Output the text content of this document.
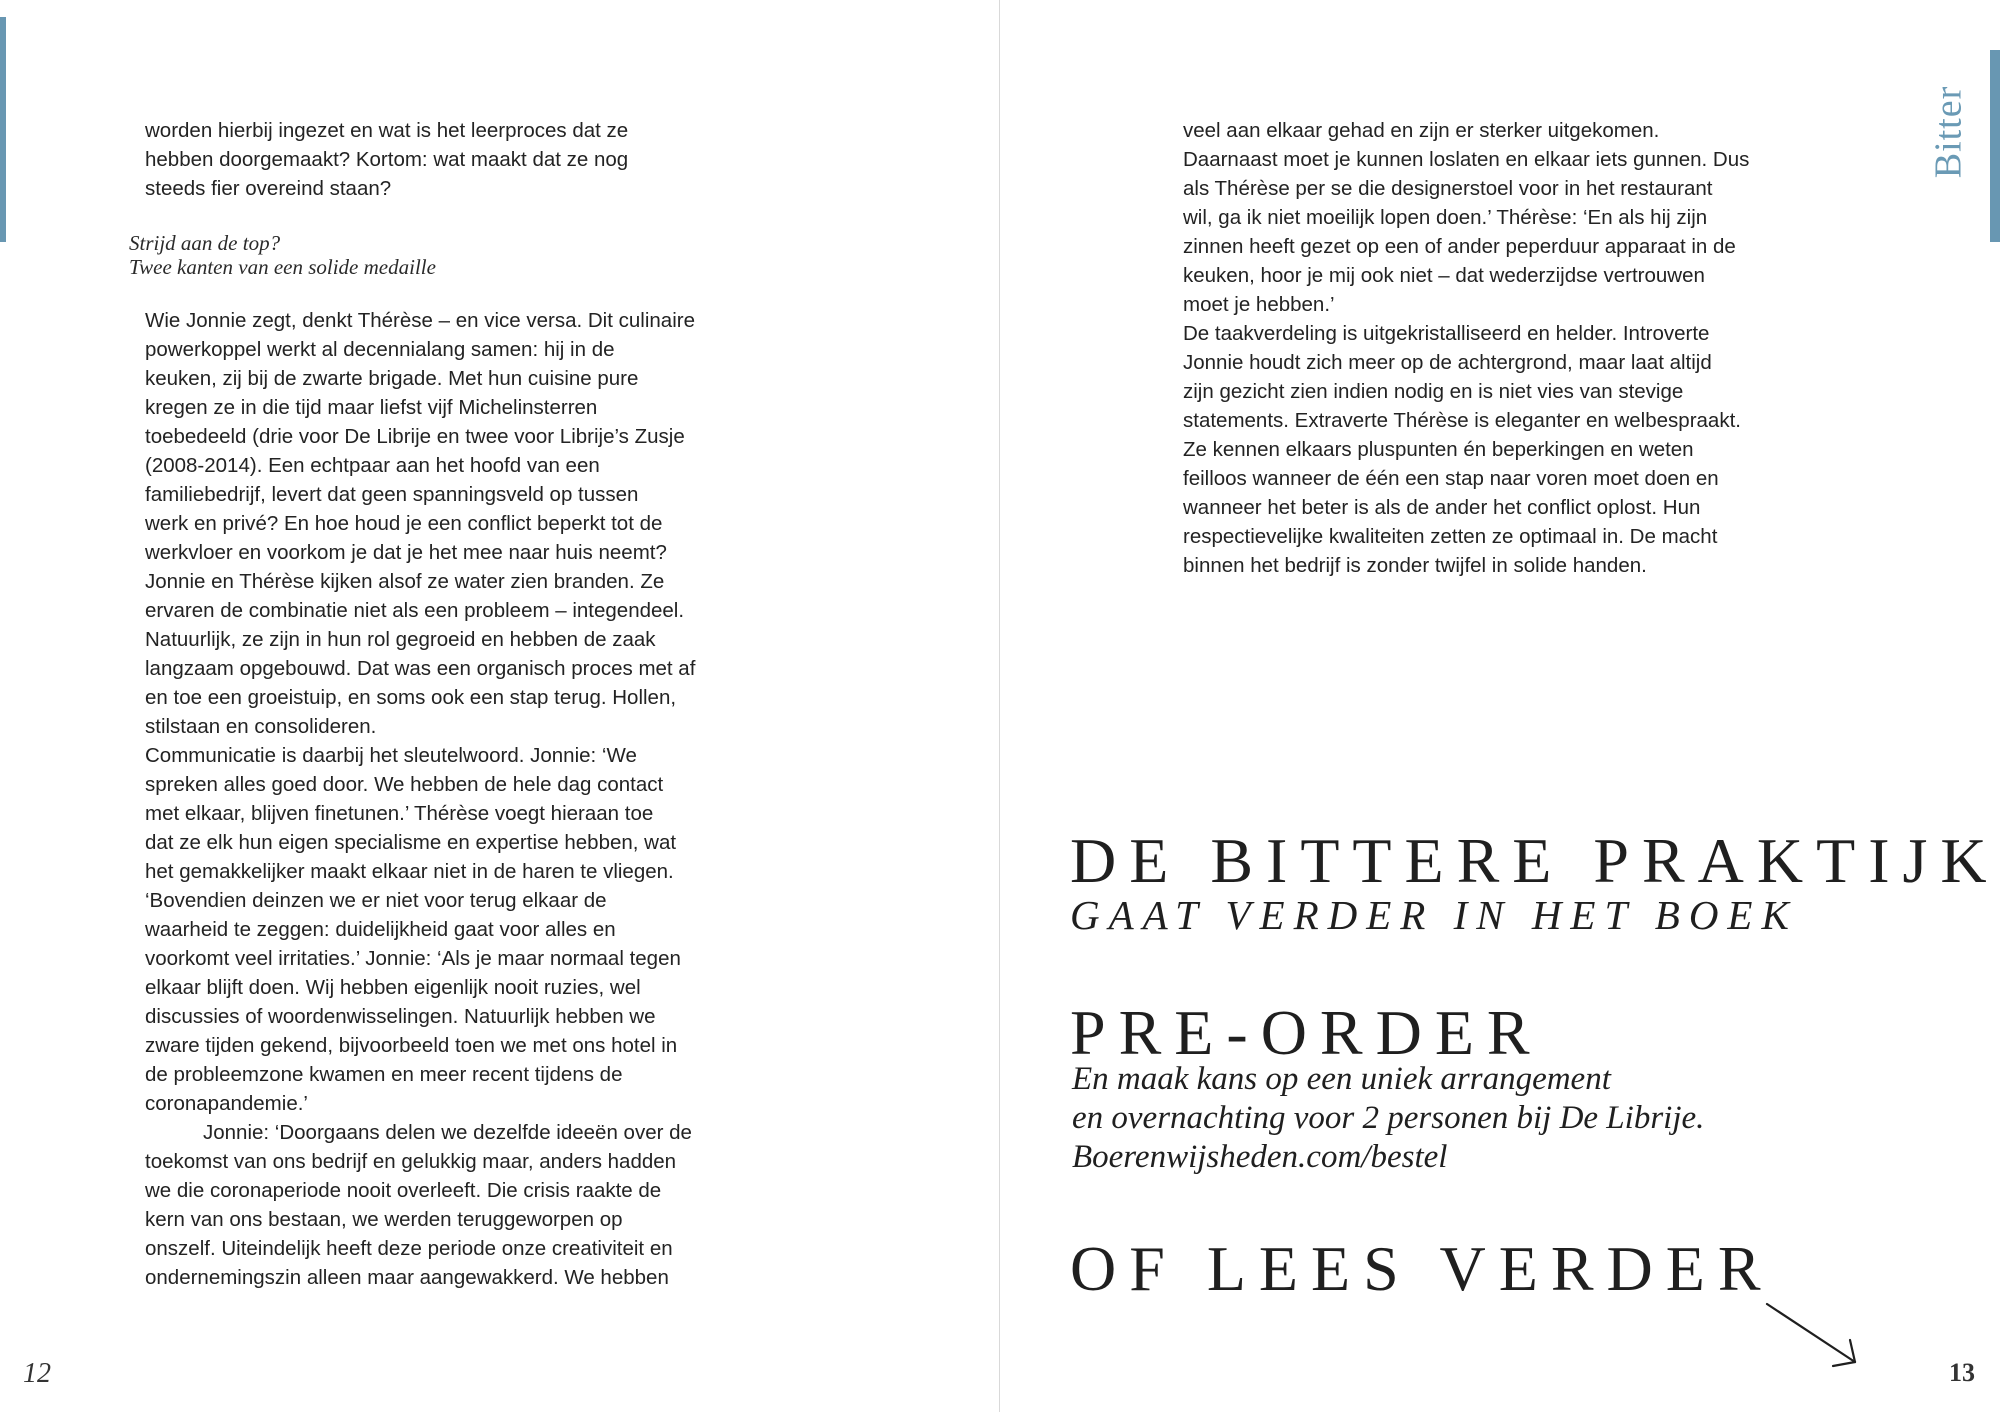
worden hierbij ingezet en wat is het leerproces dat ze
hebben doorgemaakt? Kortom: wat maakt dat ze nog
steeds fier overeind staan?
Strijd aan de top?
Twee kanten van een solide medaille
Wie Jonnie zegt, denkt Thérèse – en vice versa. Dit culinaire
powerkoppel werkt al decennialang samen: hij in de
keuken, zij bij de zwarte brigade. Met hun cuisine pure
kregen ze in die tijd maar liefst vijf Michelinsterren
toebedeeld (drie voor De Librije en twee voor Librije’s Zusje
(2008-2014). Een echtpaar aan het hoofd van een
familiebedrijf, levert dat geen spanningsveld op tussen
werk en privé? En hoe houd je een conflict beperkt tot de
werkvloer en voorkom je dat je het mee naar huis neemt?
Jonnie en Thérèse kijken alsof ze water zien branden. Ze
ervaren de combinatie niet als een probleem – integendeel.
Natuurlijk, ze zijn in hun rol gegroeid en hebben de zaak
langzaam opgebouwd. Dat was een organisch proces met af
en toe een groeistuip, en soms ook een stap terug. Hollen,
stilstaan en consolideren.
Communicatie is daarbij het sleutelwoord. Jonnie: ‘We
spreken alles goed door. We hebben de hele dag contact
met elkaar, blijven finetunen.’ Thérèse voegt hieraan toe
dat ze elk hun eigen specialisme en expertise hebben, wat
het gemakkelijker maakt elkaar niet in de haren te vliegen.
‘Bovendien deinzen we er niet voor terug elkaar de
waarheid te zeggen: duidelijkheid gaat voor alles en
voorkomt veel irritaties.’ Jonnie: ‘Als je maar normaal tegen
elkaar blijft doen. Wij hebben eigenlijk nooit ruzies, wel
discussies of woordenwisselingen. Natuurlijk hebben we
zware tijden gekend, bijvoorbeeld toen we met ons hotel in
de probleemzone kwamen en meer recent tijdens de
coronapandemie.’
Jonnie: ‘Doorgaans delen we dezelfde ideeën over de
toekomst van ons bedrijf en gelukkig maar, anders hadden
we die coronaperiode nooit overleeft. Die crisis raakte de
kern van ons bestaan, we werden teruggeworpen op
onszelf. Uiteindelijk heeft deze periode onze creativiteit en
ondernemingszin alleen maar aangewakkerd. We hebben
12
Bitter
veel aan elkaar gehad en zijn er sterker uitgekomen.
Daarnaast moet je kunnen loslaten en elkaar iets gunnen. Dus
als Thérèse per se die designerstoel voor in het restaurant
wil, ga ik niet moeilijk lopen doen.’ Thérèse: ‘En als hij zijn
zinnen heeft gezet op een of ander peperduur apparaat in de
keuken, hoor je mij ook niet – dat wederzijdse vertrouwen
moet je hebben.’
De taakverdeling is uitgekristalliseerd en helder. Introverte
Jonnie houdt zich meer op de achtergrond, maar laat altijd
zijn gezicht zien indien nodig en is niet vies van stevige
statements. Extraverte Thérèse is eleganter en welbespraakt.
Ze kennen elkaars pluspunten én beperkingen en weten
feilloos wanneer de één een stap naar voren moet doen en
wanneer het beter is als de ander het conflict oplost. Hun
respectievelijke kwaliteiten zetten ze optimaal in. De macht
binnen het bedrijf is zonder twijfel in solide handen.
DE BITTERE PRAKTIJK
GAAT VERDER IN HET BOEK
PRE-ORDER
En maak kans op een uniek arrangement
en overnachting voor 2 personen bij De Librije.
Boerenwijsheden.com/bestel
OF LEES VERDER
13
